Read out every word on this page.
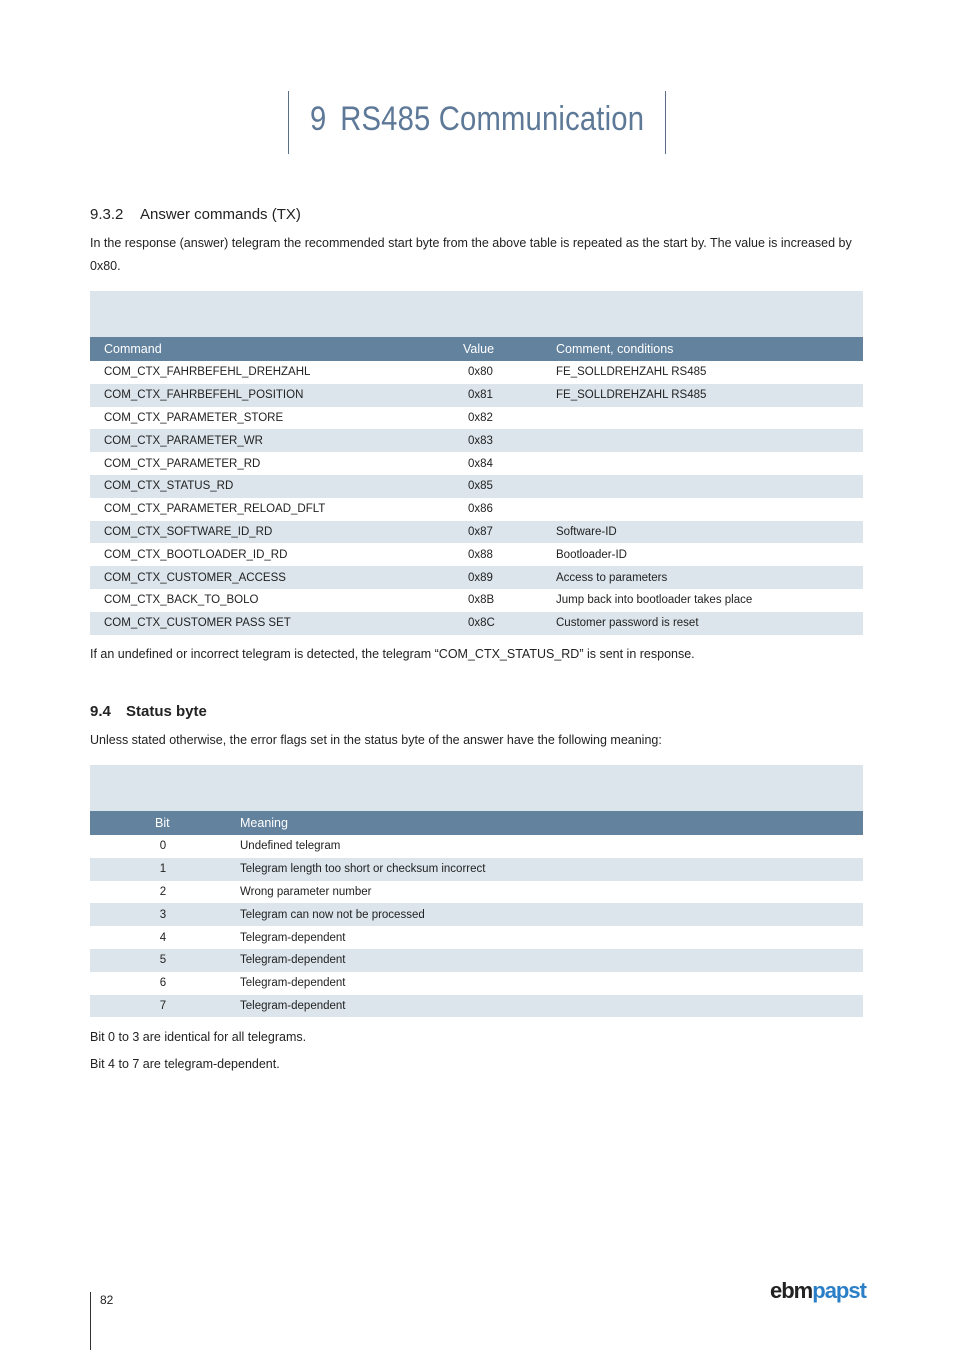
9 RS485 Communication
9.3.2 Answer commands (TX)
In the response (answer) telegram the recommended start byte from the above table is repeated as the start by. The value is increased by 0x80.
Command	Value	Comment, conditions
COM_CTX_FAHRBEFEHL_DREHZAHL	0x80	FE_SOLLDREHZAHL RS485
COM_CTX_FAHRBEFEHL_POSITION	0x81	FE_SOLLDREHZAHL RS485
COM_CTX_PARAMETER_STORE	0x82
COM_CTX_PARAMETER_WR	0x83
COM_CTX_PARAMETER_RD	0x84
COM_CTX_STATUS_RD	0x85
COM_CTX_PARAMETER_RELOAD_DFLT	0x86
COM_CTX_SOFTWARE_ID_RD	0x87	Software-ID
COM_CTX_BOOTLOADER_ID_RD	0x88	Bootloader-ID
COM_CTX_CUSTOMER_ACCESS	0x89	Access to parameters
COM_CTX_BACK_TO_BOLO	0x8B	Jump back into bootloader takes place
COM_CTX_CUSTOMER PASS SET	0x8C	Customer password is reset
If an undefined or incorrect telegram is detected, the telegram “COM_CTX_STATUS_RD” is sent in response.
9.4 Status byte
Unless stated otherwise, the error flags set in the status byte of the answer have the following meaning:
Bit	Meaning
0	Undefined telegram
1	Telegram length too short or checksum incorrect
2	Wrong parameter number
3	Telegram can now not be processed
4	Telegram-dependent
5	Telegram-dependent
6	Telegram-dependent
7	Telegram-dependent
Bit 0 to 3 are identical for all telegrams.
Bit 4 to 7 are telegram-dependent.
82	ebmpapst
